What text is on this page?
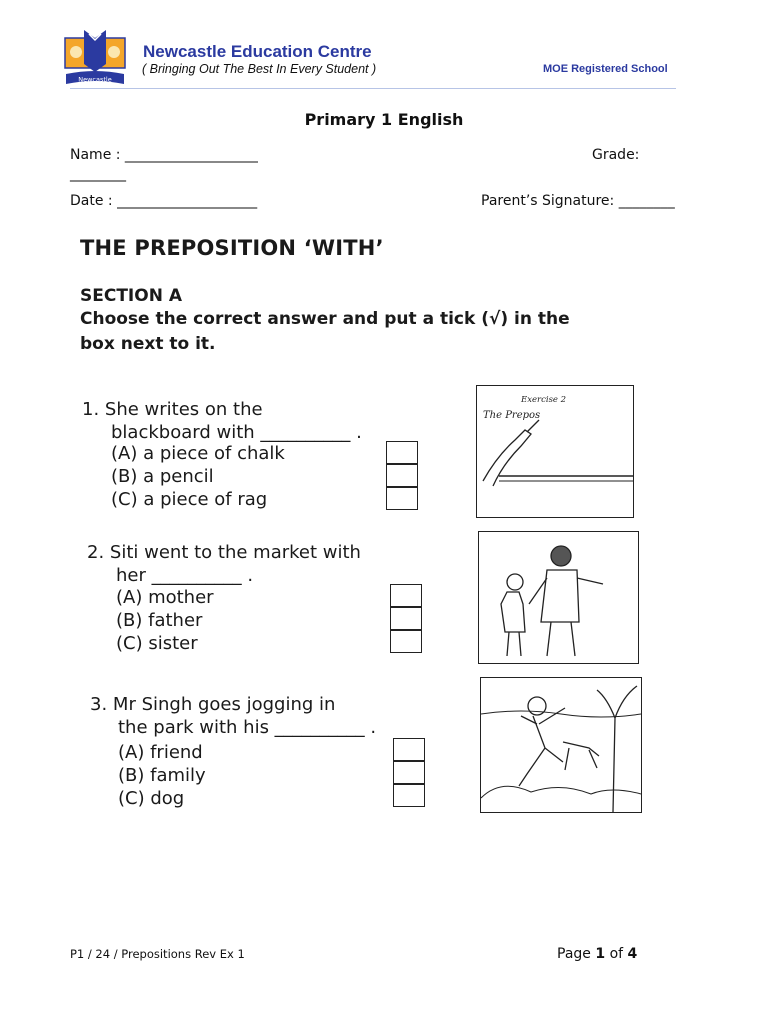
Newcastle
Newcastle Education Centre
( Bringing Out The Best In Every Student )	MOE Registered School
Primary 1 English
Name : ___________________	Grade:
________
Date : ____________________	Parent’s Signature: ________
THE PREPOSITION ‘WITH’
SECTION A
Choose the correct answer and put a tick (√) in the
box next to it.
1. She writes on the
blackboard with __________ .
(A) a piece of chalk
(B) a pencil
(C) a piece of rag
Exercise 2
The Prepos
2. Siti went to the market with
her __________ .
(A) mother
(B) father
(C) sister
3. Mr Singh goes jogging in
the park with his __________ .
(A) friend
(B) family
(C) dog
P1 / 24 / Prepositions Rev Ex 1	Page 1 of 4
